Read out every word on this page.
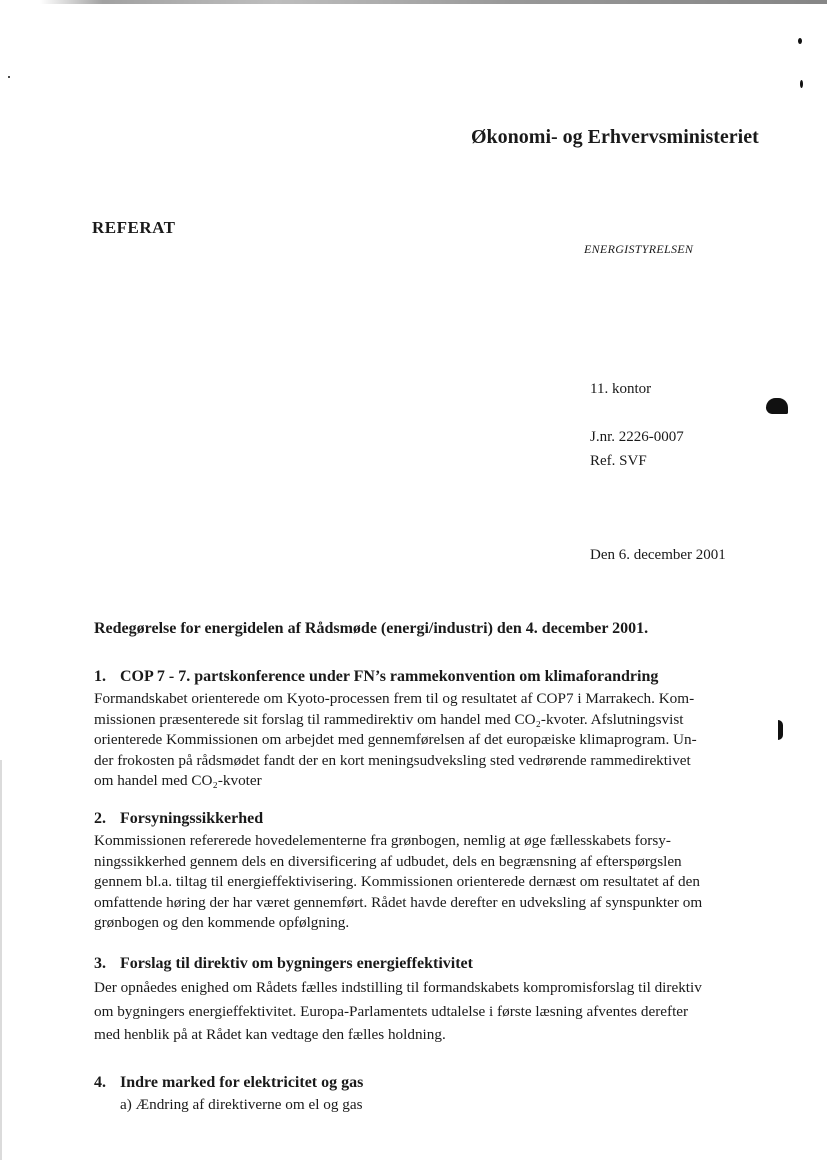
Økonomi- og Erhvervsministeriet
REFERAT
ENERGISTYRELSEN
11. kontor
J.nr. 2226-0007
Ref. SVF
Den 6. december 2001
Redegørelse for energidelen af Rådsmøde (energi/industri) den 4. december 2001.
1. COP 7 - 7. partskonference under FN’s rammekonvention om klimaforandring

Formandskabet orienterede om Kyoto-processen frem til og resultatet af COP7 i Marrakech. Kom-
missionen præsenterede sit forslag til rammedirektiv om handel med CO₂-kvoter. Afslutningsvist
orienterede Kommissionen om arbejdet med gennemførelsen af det europæiske klimaprogram. Un-
der frokosten på rådsmødet fandt der en kort meningsudveksling sted vedrørende rammedirektivet
om handel med CO₂-kvoter

2. Forsyningssikkerhed

Kommissionen refererede hovedelementerne fra grønbogen, nemlig at øge fællesskabets forsy-
ningssikkerhed gennem dels en diversificering af udbudet, dels en begrænsning af efterspørgslen
gennem bl.a. tiltag til energieffektivisering. Kommissionen orienterede dernæst om resultatet af den
omfattende høring der har været gennemført. Rådet havde derefter en udveksling af synspunkter om
grønbogen og den kommende opfølgning.

3. Forslag til direktiv om bygningers energieffektivitet

Der opnåedes enighed om Rådets fælles indstilling til formandskabets kompromisforslag til direktiv
om bygningers energieffektivitet. Europa-Parlamentets udtalelse i første læsning afventes derefter
med henblik på at Rådet kan vedtage den fælles holdning.

4. Indre marked for elektricitet og gas
a) Ændring af direktiverne om el og gas
